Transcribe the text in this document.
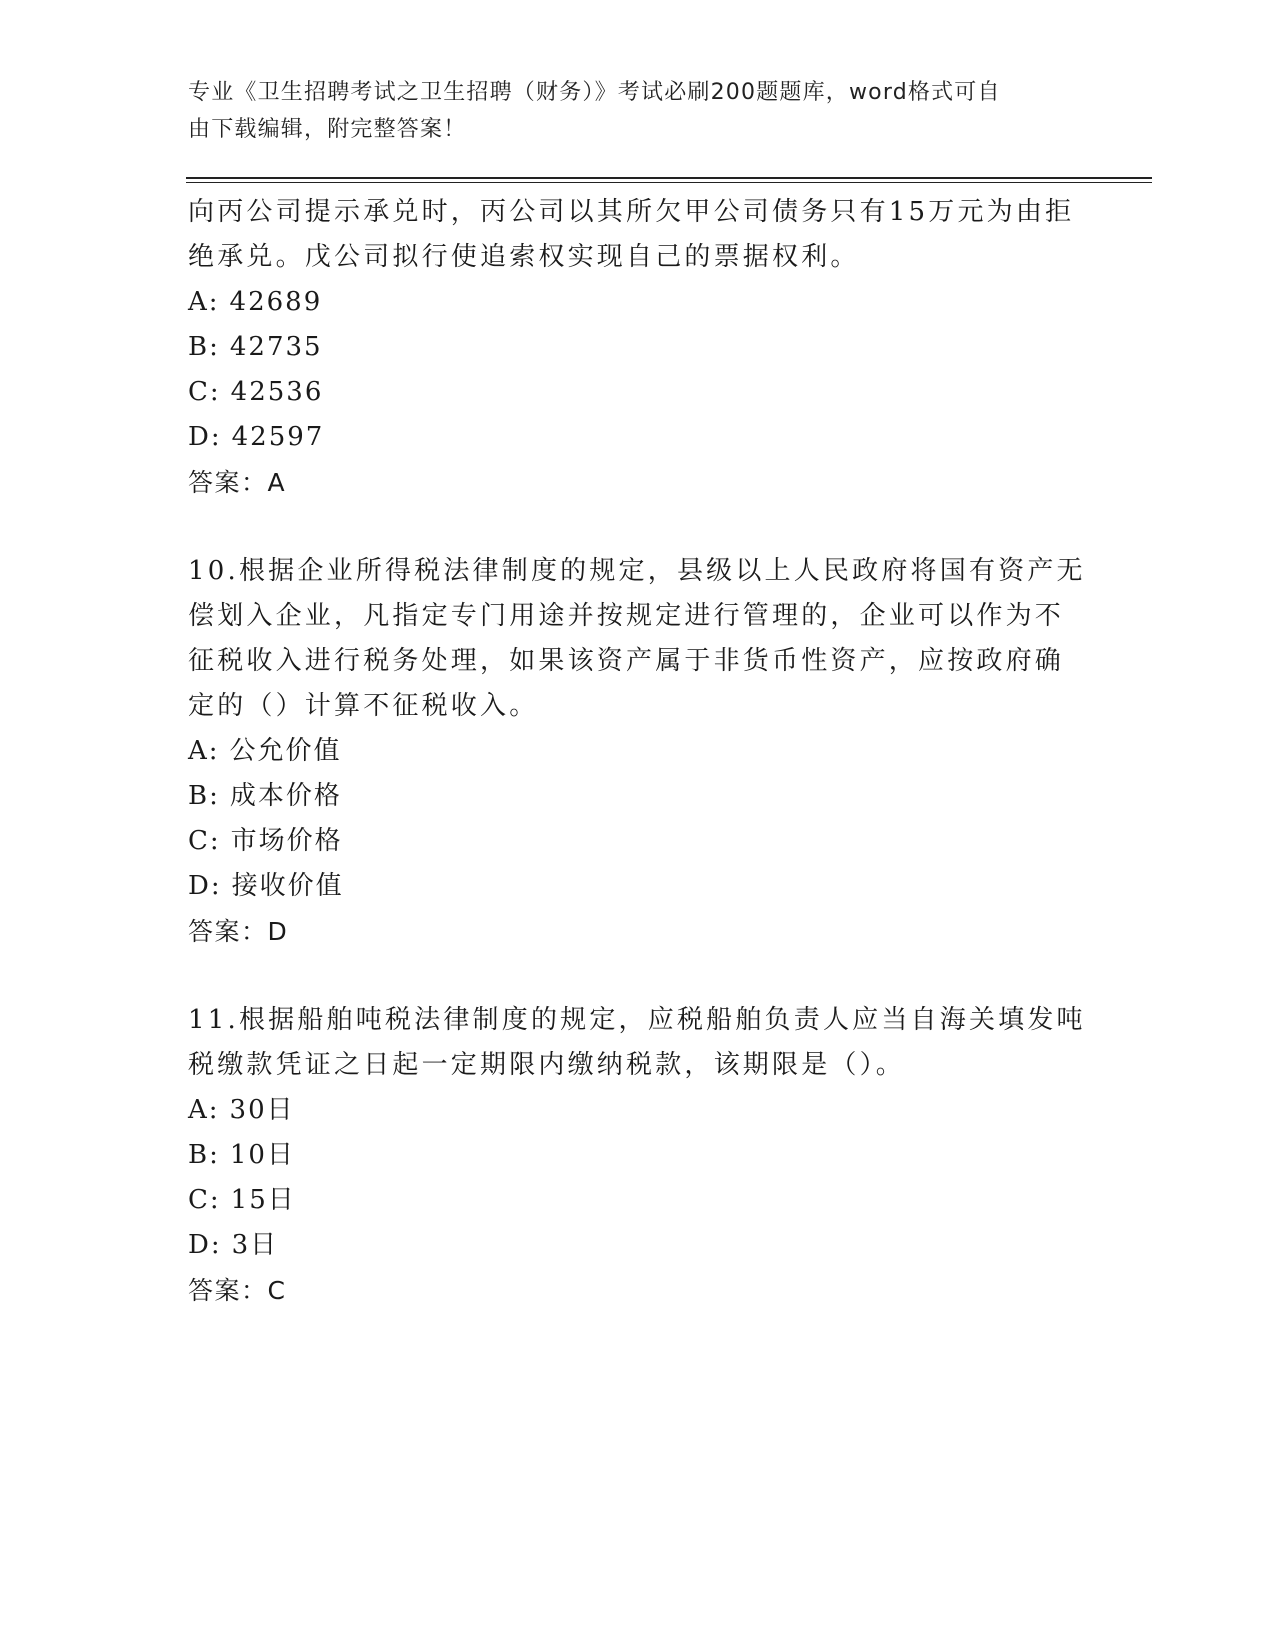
专业《卫生招聘考试之卫生招聘（财务）》考试必刷200题题库，word格式可自
由下载编辑，附完整答案！

向丙公司提示承兑时，丙公司以其所欠甲公司债务只有15万元为由拒

绝承兑。戊公司拟行使追索权实现自己的票据权利。

A: 42689
B: 42735
C: 42536
D: 42597

答案：A

10.根据企业所得税法律制度的规定，县级以上人民政府将国有资产无

偿划入企业，凡指定专门用途并按规定进行管理的，企业可以作为不

征税收入进行税务处理，如果该资产属于非货币性资产，应按政府确

定的（）计算不征税收入。

A: 公允价值
B: 成本价格
C: 市场价格
D: 接收价值

答案：D

11.根据船舶吨税法律制度的规定，应税船舶负责人应当自海关填发吨

税缴款凭证之日起一定期限内缴纳税款，该期限是（）。

A: 30日
B: 10日
C: 15日
D: 3日

答案：C
